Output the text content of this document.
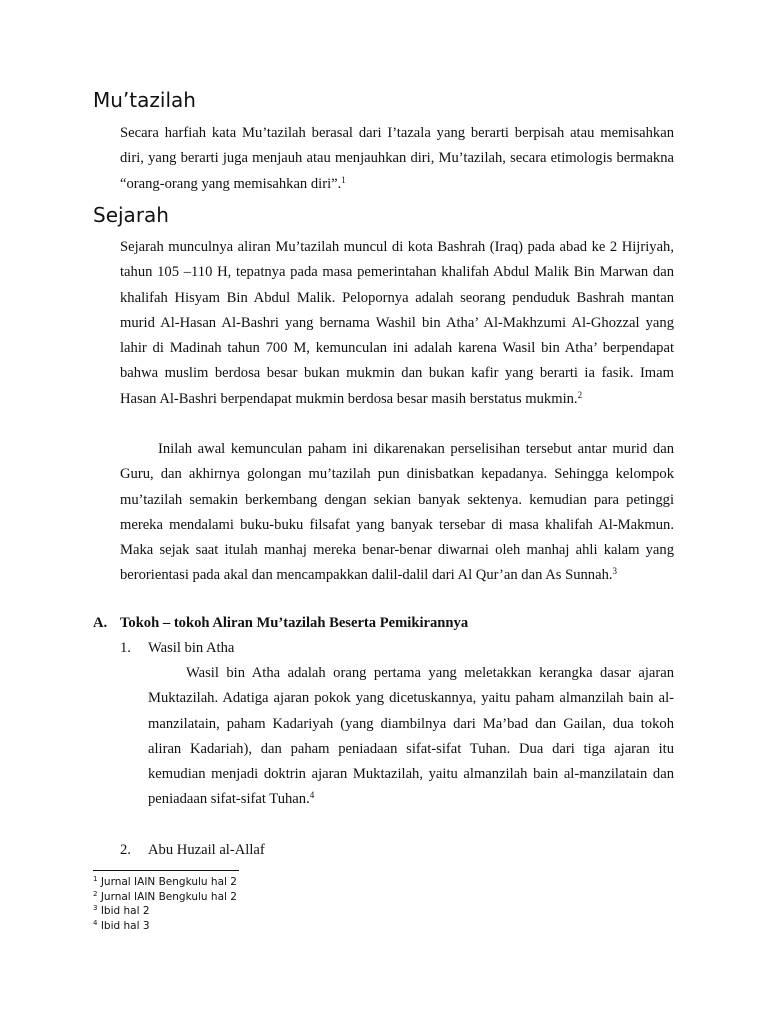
Mu’tazilah

Secara harfiah kata Mu’tazilah berasal dari I’tazala yang berarti berpisah atau memisahkan diri, yang berarti juga menjauh atau menjauhkan diri, Mu’tazilah, secara etimologis bermakna “orang-orang yang memisahkan diri”.$^1$

Sejarah

Sejarah munculnya aliran Mu’tazilah muncul di kota Bashrah (Iraq) pada abad ke 2 Hijriyah, tahun 105 –110 H, tepatnya pada masa pemerintahan khalifah Abdul Malik Bin Marwan dan khalifah Hisyam Bin Abdul Malik. Pelopornya adalah seorang penduduk Bashrah mantan murid Al-Hasan Al-Bashri yang bernama Washil bin Atha’ Al-Makhzumi Al-Ghozzal yang lahir di Madinah tahun 700 M, kemunculan ini adalah karena Wasil bin Atha’ berpendapat bahwa muslim berdosa besar bukan mukmin dan bukan kafir yang berarti ia fasik. Imam Hasan Al-Bashri berpendapat mukmin berdosa besar masih berstatus mukmin.$^2$

Inilah awal kemunculan paham ini dikarenakan perselisihan tersebut antar murid dan Guru, dan akhirnya golongan mu’tazilah pun dinisbatkan kepadanya. Sehingga kelompok mu’tazilah semakin berkembang dengan sekian banyak sektenya. kemudian para petinggi mereka mendalami buku-buku filsafat yang banyak tersebar di masa khalifah Al-Makmun. Maka sejak saat itulah manhaj mereka benar-benar diwarnai oleh manhaj ahli kalam yang berorientasi pada akal dan mencampakkan dalil-dalil dari Al Qur’an dan As Sunnah.$^3$

A. Tokoh – tokoh Aliran Mu’tazilah Beserta Pemikirannya
1. Wasil bin Atha

Wasil bin Atha adalah orang pertama yang meletakkan kerangka dasar ajaran Muktazilah. Adatiga ajaran pokok yang dicetuskannya, yaitu paham almanzilah bain al-manzilatain, paham Kadariyah (yang diambilnya dari Ma’bad dan Gailan, dua tokoh aliran Kadariah), dan paham peniadaan sifat-sifat Tuhan. Dua dari tiga ajaran itu kemudian menjadi doktrin ajaran Muktazilah, yaitu almanzilah bain al-manzilatain dan peniadaan sifat-sifat Tuhan.$^4$

2. Abu Huzail al-Allaf
$^1$ Jurnal IAIN Bengkulu hal 2
$^2$ Jurnal IAIN Bengkulu hal 2
$^3$ Ibid hal 2
$^4$ Ibid hal 3
